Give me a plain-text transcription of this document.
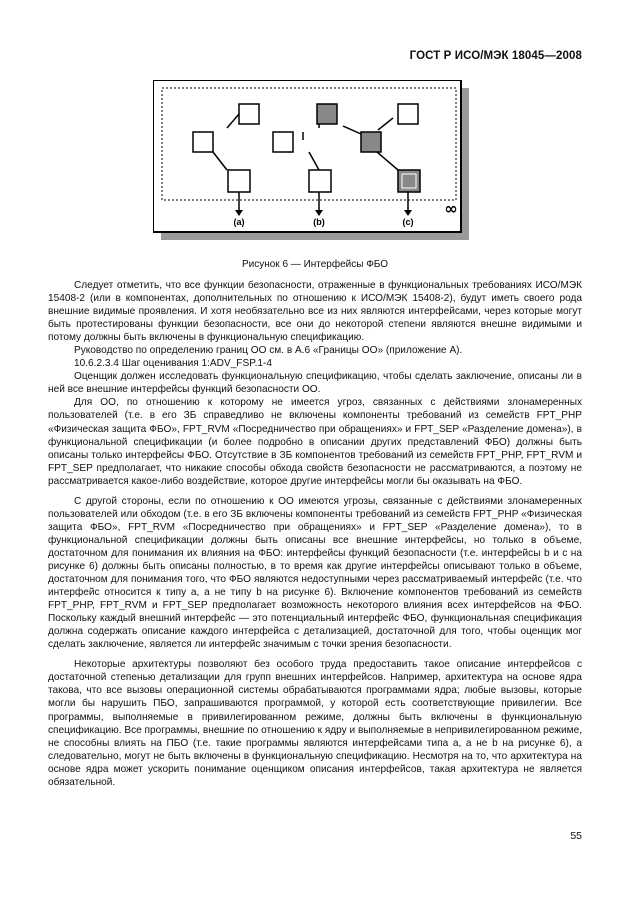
ГОСТ Р ИСО/МЭК 18045—2008
(a)	(b)	(c)
∞
Рисунок 6 — Интерфейсы ФБО

Следует отметить, что все функции безопасности, отраженные в функциональных требованиях ИСО/МЭК 15408-2 (или в компонентах, дополнительных по отношению к ИСО/МЭК 15408-2), будут иметь своего рода внешние видимые проявления. И хотя необязательно все из них являются интерфейсами, через которые могут быть протестированы функции безопасности, все они до некоторой степени являются внешне видимыми и потому должны быть включены в функциональную спецификацию.

Руководство по определению границ ОО см. в А.6 «Границы ОО» (приложение А).

10.6.2.3.4 Шаг оценивания 1:ADV_FSP.1-4

Оценщик должен исследовать функциональную спецификацию, чтобы сделать заключение, описаны ли в ней все внешние интерфейсы функций безопасности ОО.

Для ОО, по отношению к которому не имеется угроз, связанных с действиями злонамеренных пользователей (т.е. в его ЗБ справедливо не включены компоненты требований из семейств FPT_PHP «Физическая защита ФБО», FPT_RVM «Посредничество при обращениях» и FPT_SEP «Разделение домена»), в функциональной спецификации (и более подробно в описании других представлений ФБО) должны быть описаны только интерфейсы ФБО. Отсутствие в ЗБ компонентов требований из семейств FPT_PHP, FPT_RVM и FPT_SEP предполагает, что никакие способы обхода свойств безопасности не рассматриваются, а поэтому не рассматривается какое-либо воздействие, которое другие интерфейсы могли бы оказывать на ФБО.

С другой стороны, если по отношению к ОО имеются угрозы, связанные с действиями злонамеренных пользователей или обходом (т.е. в его ЗБ включены компоненты требований из семейств FPT_PHP «Физическая защита ФБО», FPT_RVM «Посредничество при обращениях» и FPT_SEP «Разделение домена»), то в функциональной спецификации должны быть описаны все внешние интерфейсы, но только в объеме, достаточном для понимания их влияния на ФБО: интерфейсы функций безопасности (т.е. интерфейсы b и c на рисунке 6) должны быть описаны полностью, в то время как другие интерфейсы описывают только в объеме, достаточном для понимания того, что ФБО являются недоступными через рассматриваемый интерфейс (т.е. что интерфейс относится к типу a, а не типу b на рисунке 6). Включение компонентов требований из семейств FPT_PHP, FPT_RVM и FPT_SEP предполагает возможность некоторого влияния всех интерфейсов на ФБО. Поскольку каждый внешний интерфейс — это потенциальный интерфейс ФБО, функциональная спецификация должна содержать описание каждого интерфейса с детализацией, достаточной для того, чтобы оценщик мог сделать заключение, является ли интерфейс значимым с точки зрения безопасности.

Некоторые архитектуры позволяют без особого труда предоставить такое описание интерфейсов с достаточной степенью детализации для групп внешних интерфейсов. Например, архитектура на основе ядра такова, что все вызовы операционной системы обрабатываются программами ядра; любые вызовы, которые могли бы нарушить ПБО, запрашиваются программой, у которой есть соответствующие привилегии. Все программы, выполняемые в привилегированном режиме, должны быть включены в функциональную спецификацию. Все программы, внешние по отношению к ядру и выполняемые в непривилегированном режиме, не способны влиять на ПБО (т.е. такие программы являются интерфейсами типа a, а не b на рисунке 6), а следовательно, могут не быть включены в функциональную спецификацию. Несмотря на то, что архитектура на основе ядра может ускорить понимание оценщиком описания интерфейсов, такая архитектура не является обязательной.

55
